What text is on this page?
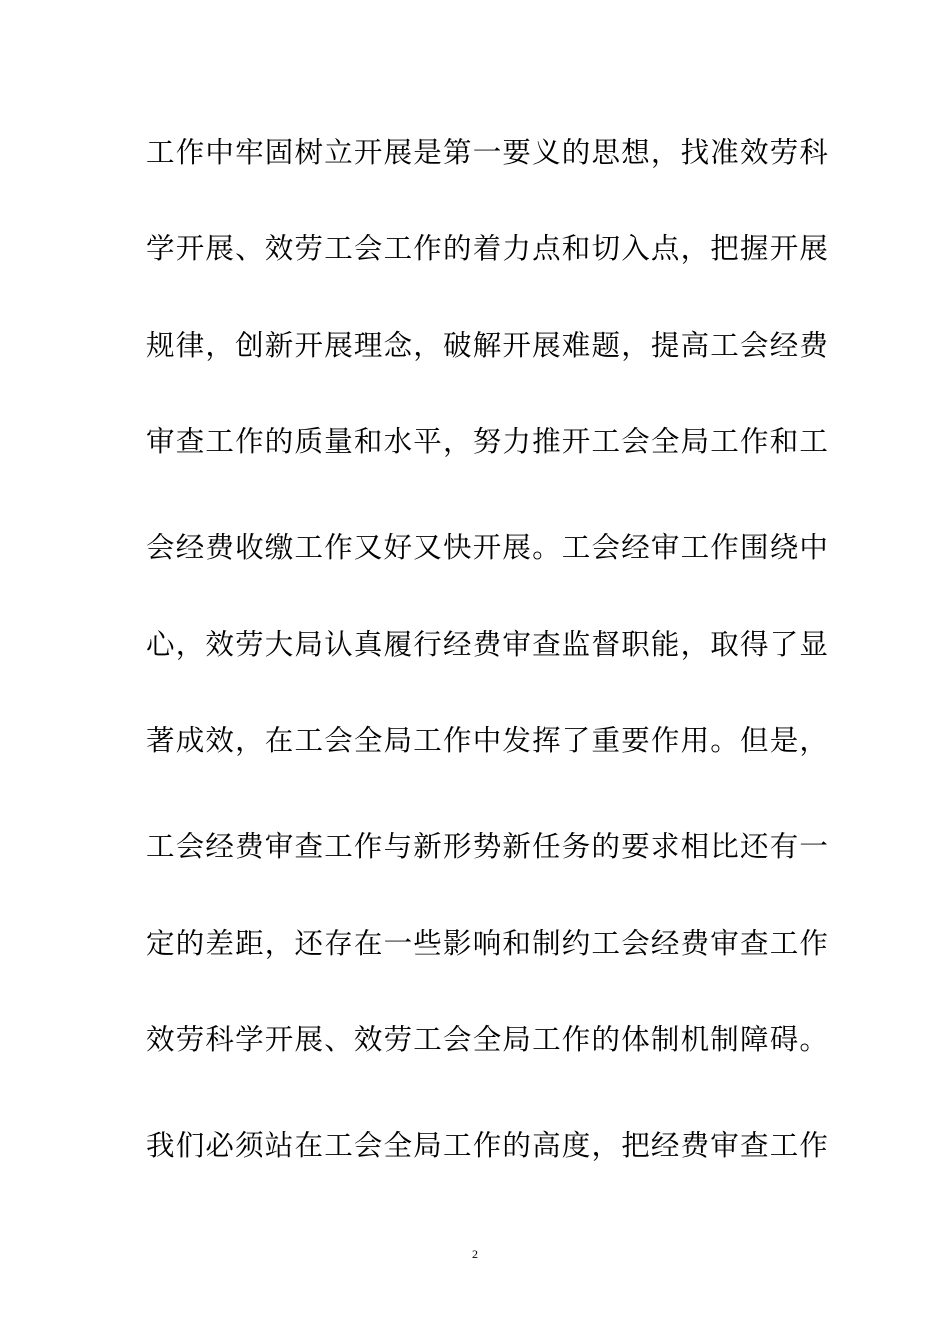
工作中牢固树立开展是第一要义的思想，找准效劳科
学开展、效劳工会工作的着力点和切入点，把握开展
规律，创新开展理念，破解开展难题，提高工会经费
审查工作的质量和水平，努力推开工会全局工作和工
会经费收缴工作又好又快开展。工会经审工作围绕中
心，效劳大局认真履行经费审查监督职能，取得了显
著成效，在工会全局工作中发挥了重要作用。但是，
工会经费审查工作与新形势新任务的要求相比还有一
定的差距，还存在一些影响和制约工会经费审查工作
效劳科学开展、效劳工会全局工作的体制机制障碍。
我们必须站在工会全局工作的高度，把经费审查工作
2
